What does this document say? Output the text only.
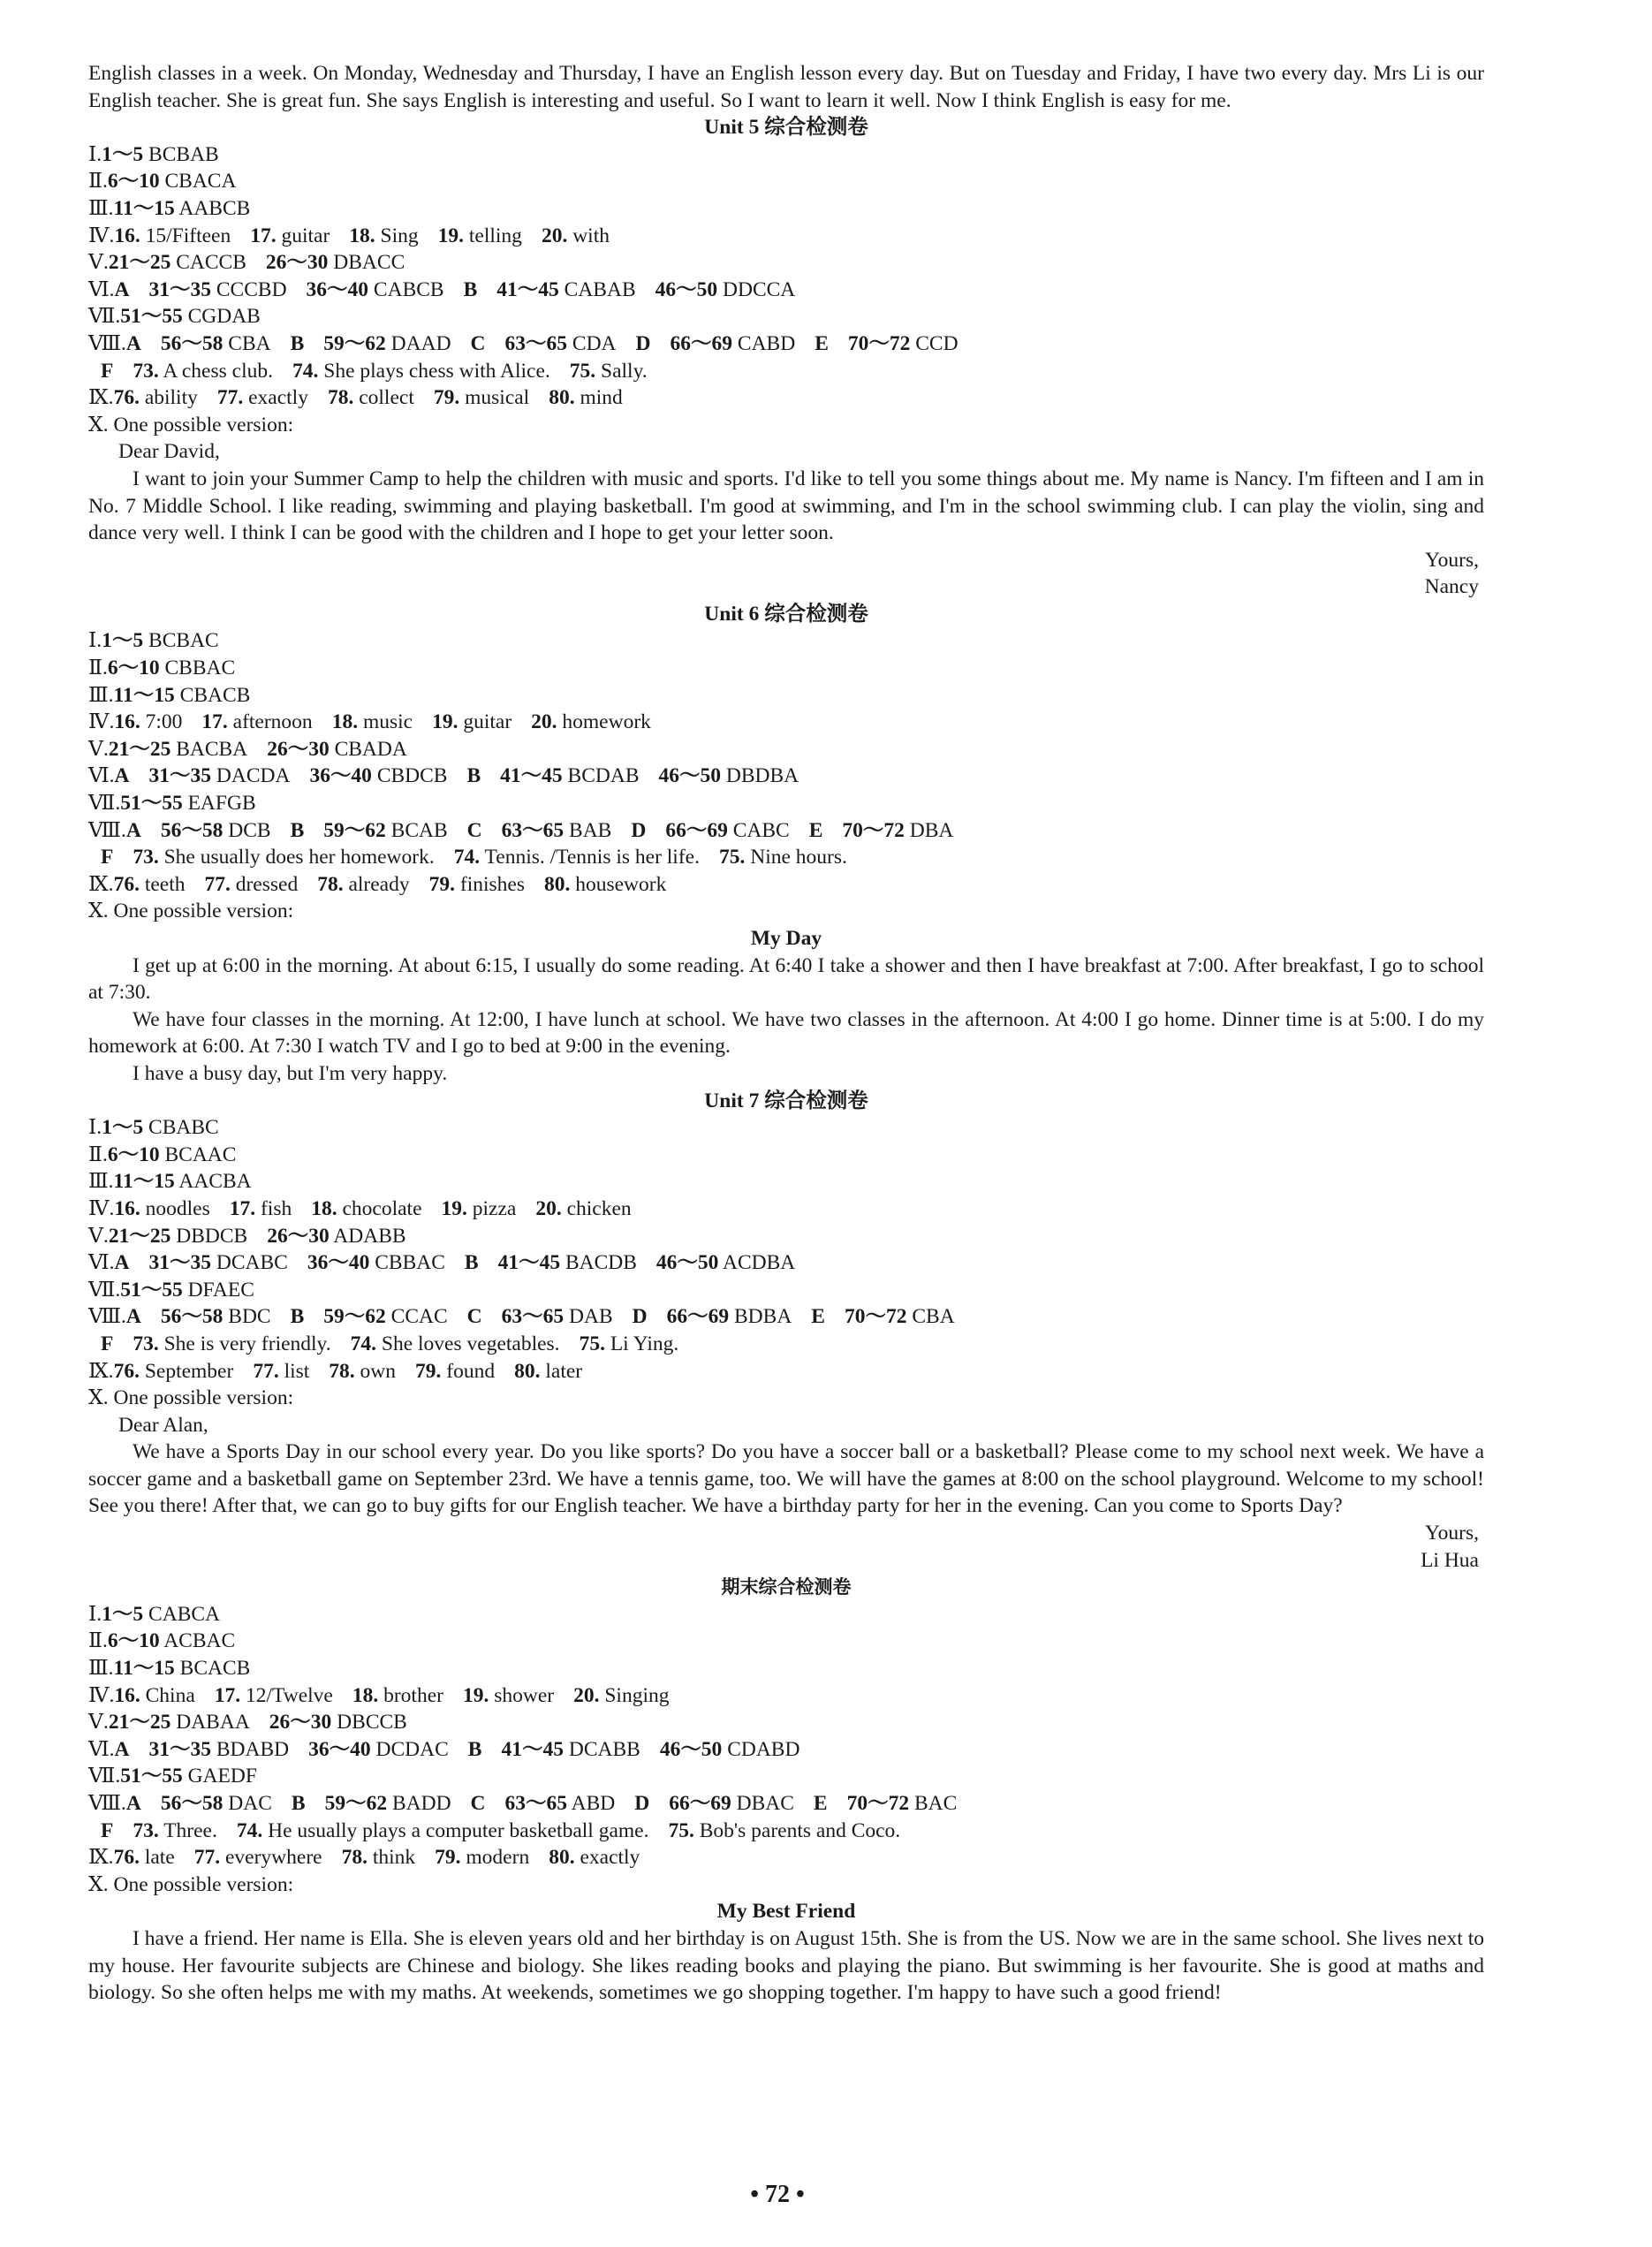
English classes in a week. On Monday, Wednesday and Thursday, I have an English lesson every day. But on Tuesday and Friday, I have two every day. Mrs Li is our English teacher. She is great fun. She says English is interesting and useful. So I want to learn it well. Now I think English is easy for me.

Unit 5 综合检测卷

Ⅰ.1～5 BCBAB

Ⅱ.6～10 CBACA

Ⅲ.11～15 AABCB

Ⅳ.16. 15/Fifteen 17. guitar 18. Sing 19. telling 20. with

Ⅴ.21～25 CACCB 26～30 DBACC

Ⅵ.A 31～35 CCCBD 36～40 CABCB B 41～45 CABAB 46～50 DDCCA

Ⅶ.51～55 CGDAB

Ⅷ.A 56～58 CBA B 59～62 DAAD C 63～65 CDA D 66～69 CABD E 70～72 CCD

F 73. A chess club. 74. She plays chess with Alice. 75. Sally.

Ⅸ.76. ability 77. exactly 78. collect 79. musical 80. mind

Ⅹ. One possible version:

Dear David,

I want to join your Summer Camp to help the children with music and sports. I'd like to tell you some things about me. My name is Nancy. I'm fifteen and I am in No. 7 Middle School. I like reading, swimming and playing basketball. I'm good at swimming, and I'm in the school swimming club. I can play the violin, sing and dance very well. I think I can be good with the children and I hope to get your letter soon.

Yours,

Nancy

Unit 6 综合检测卷

Ⅰ.1～5 BCBAC

Ⅱ.6～10 CBBAC

Ⅲ.11～15 CBACB

Ⅳ.16. 7:00 17. afternoon 18. music 19. guitar 20. homework

Ⅴ.21～25 BACBA 26～30 CBADA

Ⅵ.A 31～35 DACDA 36～40 CBDCB B 41～45 BCDAB 46～50 DBDBA

Ⅶ.51～55 EAFGB

Ⅷ.A 56～58 DCB B 59～62 BCAB C 63～65 BAB D 66～69 CABC E 70～72 DBA

F 73. She usually does her homework. 74. Tennis. /Tennis is her life. 75. Nine hours.

Ⅸ.76. teeth 77. dressed 78. already 79. finishes 80. housework

Ⅹ. One possible version:

My Day

I get up at 6:00 in the morning. At about 6:15, I usually do some reading. At 6:40 I take a shower and then I have breakfast at 7:00. After breakfast, I go to school at 7:30.

We have four classes in the morning. At 12:00, I have lunch at school. We have two classes in the afternoon. At 4:00 I go home. Dinner time is at 5:00. I do my homework at 6:00. At 7:30 I watch TV and I go to bed at 9:00 in the evening.

I have a busy day, but I'm very happy.

Unit 7 综合检测卷

Ⅰ.1～5 CBABC

Ⅱ.6～10 BCAAC

Ⅲ.11～15 AACBA

Ⅳ.16. noodles 17. fish 18. chocolate 19. pizza 20. chicken

Ⅴ.21～25 DBDCB 26～30 ADABB

Ⅵ.A 31～35 DCABC 36～40 CBBAC B 41～45 BACDB 46～50 ACDBA

Ⅶ.51～55 DFAEC

Ⅷ.A 56～58 BDC B 59～62 CCAC C 63～65 DAB D 66～69 BDBA E 70～72 CBA

F 73. She is very friendly. 74. She loves vegetables. 75. Li Ying.

Ⅸ.76. September 77. list 78. own 79. found 80. later

Ⅹ. One possible version:

Dear Alan,

We have a Sports Day in our school every year. Do you like sports? Do you have a soccer ball or a basketball? Please come to my school next week. We have a soccer game and a basketball game on September 23rd. We have a tennis game, too. We will have the games at 8:00 on the school playground. Welcome to my school! See you there! After that, we can go to buy gifts for our English teacher. We have a birthday party for her in the evening. Can you come to Sports Day?

Yours,

Li Hua

期末综合检测卷

Ⅰ.1～5 CABCA

Ⅱ.6～10 ACBAC

Ⅲ.11～15 BCACB

Ⅳ.16. China 17. 12/Twelve 18. brother 19. shower 20. Singing

Ⅴ.21～25 DABAA 26～30 DBCCB

Ⅵ.A 31～35 BDABD 36～40 DCDAC B 41～45 DCABB 46～50 CDABD

Ⅶ.51～55 GAEDF

Ⅷ.A 56～58 DAC B 59～62 BADD C 63～65 ABD D 66～69 DBAC E 70～72 BAC

F 73. Three. 74. He usually plays a computer basketball game. 75. Bob's parents and Coco.

Ⅸ.76. late 77. everywhere 78. think 79. modern 80. exactly

Ⅹ. One possible version:

My Best Friend

I have a friend. Her name is Ella. She is eleven years old and her birthday is on August 15th. She is from the US. Now we are in the same school. She lives next to my house. Her favourite subjects are Chinese and biology. She likes reading books and playing the piano. But swimming is her favourite. She is good at maths and biology. So she often helps me with my maths. At weekends, sometimes we go shopping together. I'm happy to have such a good friend!

• 72 •
